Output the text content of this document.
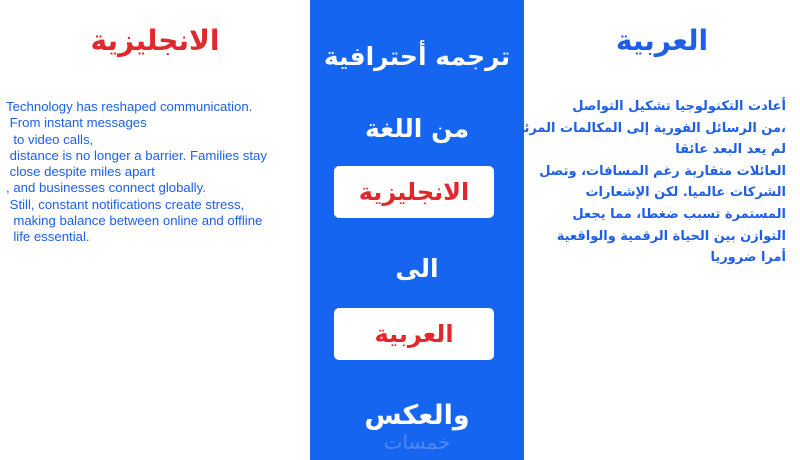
الانجليزية
Technology has reshaped communication.
From instant messages
to video calls,
distance is no longer a barrier. Families stay
close despite miles apart
, and businesses connect globally.
Still, constant notifications create stress,
making balance between online and offline
life essential.
ترجمه أحترافية
من اللغة
الانجليزية
الى
العربية
والعكس
خمسات
العربية
أعادت التكنولوجيا تشكيل التواصل
،من الرسائل الفورية إلى المكالمات المرئي
لم يعد البعد عائقا
العائلات متقاربة رغم المسافات، وتصل
الشركات عالميا. لكن الإشعارات
المستمرة تسبب ضغطا، مما يجعل
التوازن بين الحياة الرقمية والواقعية
أمرا ضروريا
